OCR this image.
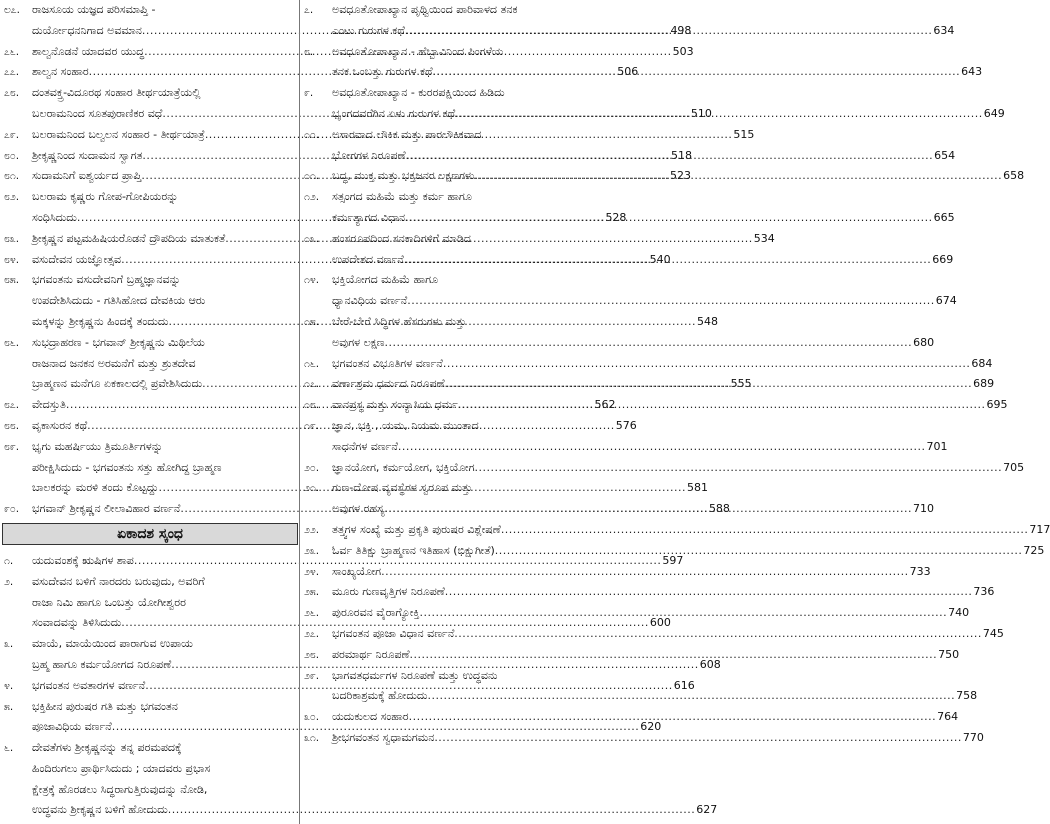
ಲ೭.	ರಾಜಸೂಯ ಯಜ್ಞದ ಪರಿಸಮಾಪ್ತಿ -
ದುರ್ಯೋಧನನಿಗಾದ ಅವಮಾನ .....	498
೭೬.	ಶಾಲ್ವನೊಡನೆ ಯಾದವರ ಯುದ್ಧ .....	503
೭೭.	ಶಾಲ್ವನ ಸಂಹಾರ .....	506
೭೮.	ದಂತವಕ್ತ್ರ-ವಿದೂರಥ ಸಂಹಾರ ತೀರ್ಥಯಾತ್ರೆಯಲ್ಲಿ
ಬಲರಾಮನಿಂದ ಸೂತಪುರಾಣಿಕರ ವಧೆ .....	510
೭೯.	ಬಲರಾಮನಿಂದ ಬಲ್ವಲನ ಸಂಹಾರ - ತೀರ್ಥಯಾತ್ರೆ .....	515
೮೦.	ಶ್ರೀಕೃಷ್ಣನಿಂದ ಸುದಾಮನ ಸ್ವಾಗತ .....	518
೮೧.	ಸುದಾಮನಿಗೆ ಐಶ್ವರ್ಯದ ಪ್ರಾಪ್ತಿ .....	523
೮೨.	ಬಲರಾಮ ಕೃಷ್ಣರು ಗೋಪ-ಗೋಪಿಯರನ್ನು
ಸಂಧಿಸಿದುದು .....	528
೮೩.	ಶ್ರೀಕೃಷ್ಣನ ಪಟ್ಟಮಹಿಷಿಯರೊಡನೆ ದ್ರೌಪದಿಯ ಮಾತುಕತೆ .....	534
೮೪.	ವಸುದೇವನ ಯಜ್ಞೋತ್ಸವ .....	540
೮೫.	ಭಗವಂತನು ವಸುದೇವನಿಗೆ ಬ್ರಹ್ಮಜ್ಞಾನವನ್ನು
ಉಪದೇಶಿಸಿದುದು - ಗತಿಸಿಹೋದ ದೇವಕಿಯ ಆರು
ಮಕ್ಕಳನ್ನು ಶ್ರೀಕೃಷ್ಣನು ಹಿಂದಕ್ಕೆ ತಂದುದು .....	548
೮೬.	ಸುಭದ್ರಾಹರಣ - ಭಗವಾನ್ ಶ್ರೀಕೃಷ್ಣನು ಮಿಥಿಲೆಯ
ರಾಜನಾದ ಜನಕನ ಅರಮನೆಗೆ ಮತ್ತು ಶ್ರುತದೇವ
ಬ್ರಾಹ್ಮಣನ ಮನೆಗೂ ಏಕಕಾಲದಲ್ಲಿ ಪ್ರವೇಶಿಸಿದುದು .....	555
೮೭.	ವೇದಸ್ತುತಿ .....	562
೮೮.	ವೃಕಾಸುರನ ಕಥೆ .....	576
೮೯.	ಭೃಗು ಮಹರ್ಷಿಯು ತ್ರಿಮೂರ್ತಿಗಳನ್ನು
ಪರೀಕ್ಷಿಸಿದುದು - ಭಗವಂತನು ಸತ್ತು ಹೋಗಿದ್ದ ಬ್ರಾಹ್ಮಣ
ಬಾಲಕರನ್ನು ಮರಳಿ ತಂದು ಕೊಟ್ಟದ್ದು .....	581
೯೦.	ಭಗವಾನ್ ಶ್ರೀಕೃಷ್ಣನ ಲೀಲಾವಿಹಾರ ವರ್ಣನೆ .....	588
ಏಕಾದಶ ಸ್ಕಂಧ
೧.	ಯದುವಂಶಕ್ಕೆ ಋಷಿಗಳ ಶಾಪ .....	597
೨.	ವಸುದೇವನ ಬಳಿಗೆ ನಾರದರು ಬರುವುದು, ಅವರಿಗೆ
ರಾಜಾ ನಿಮಿ ಹಾಗೂ ಒಂಬತ್ತು ಯೋಗೀಶ್ವರರ
ಸಂವಾದವನ್ನು ತಿಳಿಸಿದುದು .....	600
೩.	ಮಾಯೆ, ಮಾಯೆಯಿಂದ ಪಾರಾಗುವ ಉಪಾಯ
ಬ್ರಹ್ಮ ಹಾಗೂ ಕರ್ಮಯೋಗದ ನಿರೂಪಣೆ .....	608
೪.	ಭಗವಂತನ ಅವತಾರಗಳ ವರ್ಣನೆ .....	616
೫.	ಭಕ್ತಿಹೀನ ಪುರುಷರ ಗತಿ ಮತ್ತು ಭಗವಂತನ
ಪೂಜಾವಿಧಿಯ ವರ್ಣನೆ .....	620
೬.	ದೇವತೆಗಳು ಶ್ರೀಕೃಷ್ಣನನ್ನು ತನ್ನ ಪರಮಪದಕ್ಕೆ
ಹಿಂದಿರುಗಲು ಪ್ರಾರ್ಥಿಸಿದುದು ; ಯಾದವರು ಪ್ರಭಾಸ
ಕ್ಷೇತ್ರಕ್ಕೆ ಹೊರಡಲು ಸಿದ್ಧರಾಗುತ್ತಿರುವುದನ್ನು ನೋಡಿ,
ಉದ್ಧವನು ಶ್ರೀಕೃಷ್ಣನ ಬಳಿಗೆ ಹೋದುದು .....	627
೭.	ಅವಧೂತೋಪಾಖ್ಯಾನ ಪೃಥ್ವಿಯಿಂದ ಪಾರಿವಾಳದ ತನಕ
ಎಂಟು ಗುರುಗಳ ಕಥೆ .....	634
೮.	ಅವಧೂತೋಪಾಖ್ಯಾನ - ಹೆಬ್ಬಾವಿನಿಂದ ಪಿಂಗಳೆಯ
ತನಕ ಒಂಬತ್ತು ಗುರುಗಳ ಕಥೆ .....	643
೯.	ಅವಧೂತೋಪಾಖ್ಯಾನ - ಕುರರಪಕ್ಷಿಯಿಂದ ಹಿಡಿದು
ಭೃಂಗದವರೆಗಿನ ಏಳು ಗುರುಗಳ ಕಥೆ .....	649
೧೦.	ಅಸಾರವಾದ ಲೌಕಿಕ ಮತ್ತು ಪಾರಲೌಕಿಕವಾದ
ಭೋಗಗಳ ನಿರೂಪಣೆ .....	654
೧೧.	ಬದ್ಧ, ಮುಕ್ತ ಮತ್ತು ಭಕ್ತಜನರ ಲಕ್ಷಣಗಳು .....	658
೧೨.	ಸತ್ಸಂಗದ ಮಹಿಮೆ ಮತ್ತು ಕರ್ಮ ಹಾಗೂ
ಕರ್ಮತ್ಯಾಗದ ವಿಧಾನ .....	665
೧೩.	ಹಂಸರೂಪದಿಂದ ಸನಕಾದಿಗಳಿಗೆ ಮಾಡಿದ
ಉಪದೇಶದ ವರ್ಣನೆ .....	669
೧೪.	ಭಕ್ತಿಯೋಗದ ಮಹಿಮೆ ಹಾಗೂ
ಧ್ಯಾನವಿಧಿಯ ವರ್ಣನೆ .....	674
೧೫.	ಬೇರೆ-ಬೇರೆ ಸಿದ್ಧಿಗಳ ಹೆಸರುಗಳು ಮತ್ತು
ಅವುಗಳ ಲಕ್ಷಣ .....	680
೧೬.	ಭಗವಂತನ ವಿಭೂತಿಗಳ ವರ್ಣನೆ .....	684
೧೭.	ವರ್ಣಾಶ್ರಮ ಧರ್ಮದ ನಿರೂಪಣೆ .....	689
೧೮.	ವಾನಪ್ರಸ್ಥ ಮತ್ತು ಸಂನ್ಯಾಸಿಯ ಧರ್ಮ .....	695
೧೯.	ಜ್ಞಾನ, ಭಕ್ತಿ , ಯಮ, ನಿಯಮ ಮುಂತಾದ
ಸಾಧನೆಗಳ ವರ್ಣನೆ .....	701
೨೦.	ಜ್ಞಾನಯೋಗ, ಕರ್ಮಯೋಗ, ಭಕ್ತಿಯೋಗ .....	705
೨೧.	ಗುಣ-ದೋಷ ವ್ಯವಸ್ಥೆಗಳ ಸ್ವರೂಪ ಮತ್ತು
ಅವುಗಳ ರಹಸ್ಯ .....	710
೨೨.	ತತ್ತ್ವಗಳ ಸಂಖ್ಯೆ ಮತ್ತು ಪ್ರಕೃತಿ ಪುರುಷರ ವಿಶ್ಲೇಷಣೆ .....	717
೨೩.	ಓರ್ವ ತಿತಿಕ್ಷು ಬ್ರಾಹ್ಮಣನ ಇತಿಹಾಸ (ಭಿಕ್ಷುಗೀತೆ) .....	725
೨೪.	ಸಾಂಖ್ಯಯೋಗ .....	733
೨೫.	ಮೂರು ಗುಣವೃತ್ತಿಗಳ ನಿರೂಪಣೆ .....	736
೨೬.	ಪುರೂರವನ ವೈರಾಗ್ಯೋಕ್ತಿ .....	740
೨೭.	ಭಗವಂತನ ಪೂಜಾ ವಿಧಾನ ವರ್ಣನೆ .....	745
೨೮.	ಪರಮಾರ್ಥ ನಿರೂಪಣೆ .....	750
೨೯.	ಭಾಗವತಧರ್ಮಗಳ ನಿರೂಪಣೆ ಮತ್ತು ಉದ್ಧವನು
ಬದರಿಕಾಶ್ರಮಕ್ಕೆ ಹೋದುದು .....	758
೩೦.	ಯದುಕುಲದ ಸಂಹಾರ .....	764
೩೧.	ಶ್ರೀಭಗವಂತನ ಸ್ವಧಾಮಗಮನ .....	770
